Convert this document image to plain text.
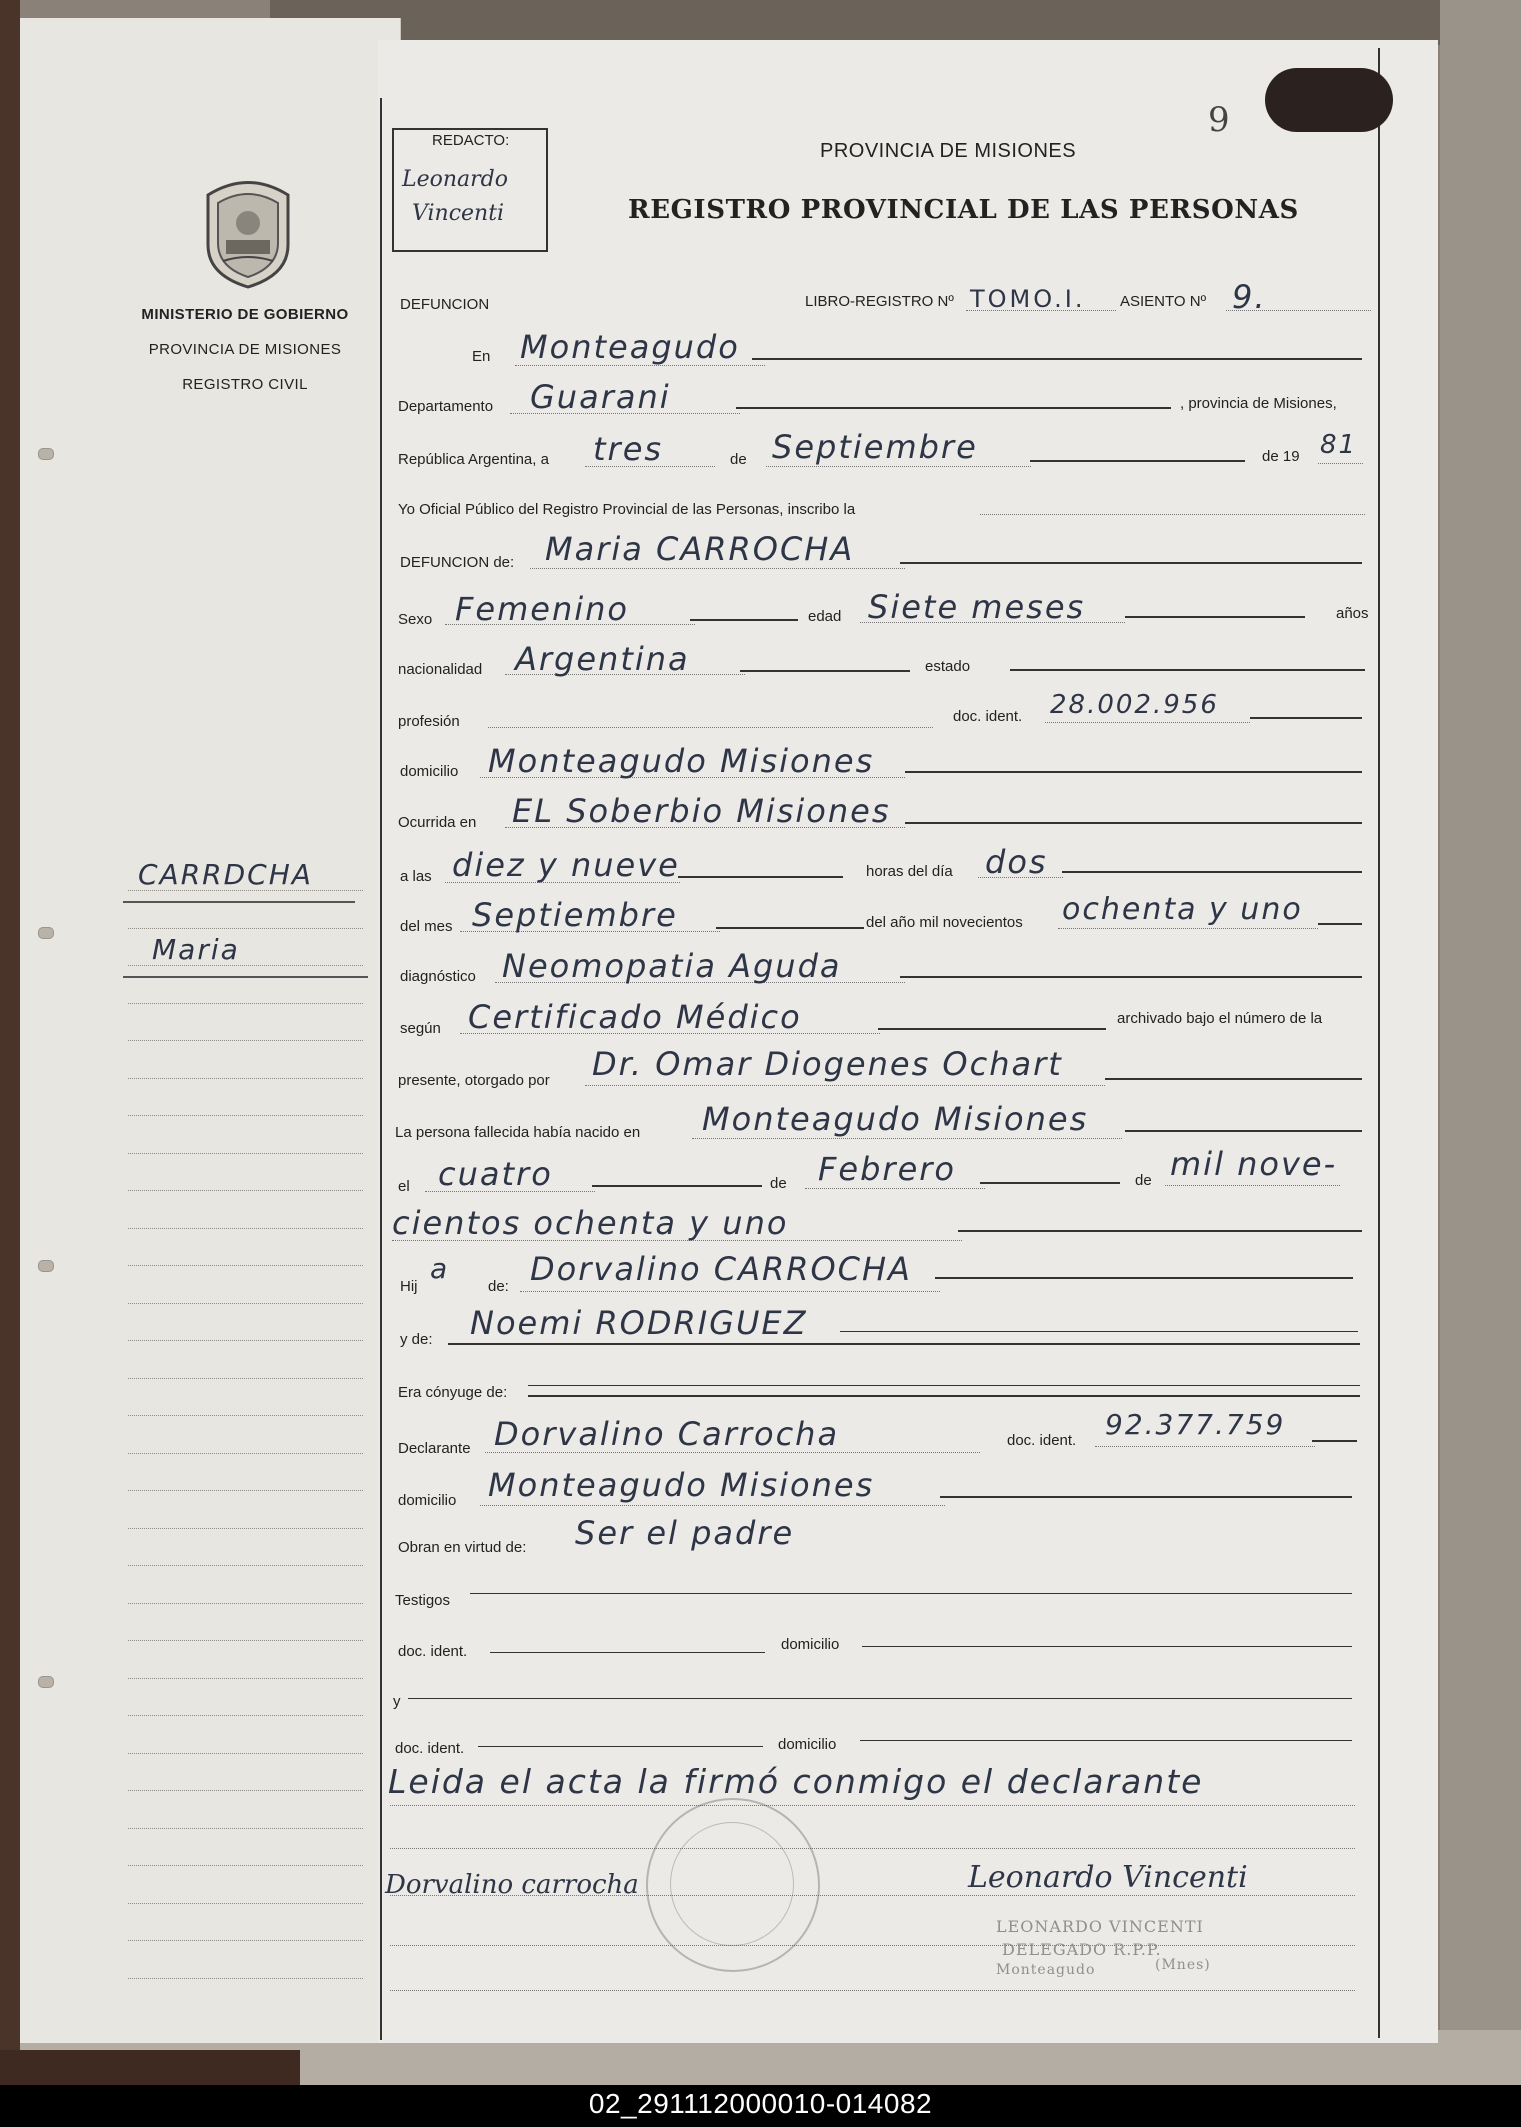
MINISTERIO DE GOBIERNO
PROVINCIA DE MISIONES
REGISTRO CIVIL
CARRDCHA
Maria
REDACTO:
Leonardo
Vincenti
9
PROVINCIA DE MISIONES
REGISTRO PROVINCIAL DE LAS PERSONAS
DEFUNCION	LIBRO-REGISTRO Nº TOMO.I. ASIENTO Nº 9.
En Monteagudo
Departamento Guarani	, provincia de Misiones,
República Argentina, a tres	de Septiembre	de 19 81
Yo Oficial Público del Registro Provincial de las Personas, inscribo la
DEFUNCION de: Maria CARROCHA
Sexo Femenino	edad Siete meses	años
nacionalidad Argentina	estado
profesión	doc. ident. 28.002.956
domicilio Monteagudo Misiones
Ocurrida en EL Soberbio Misiones
a las diez y nueve	horas del día dos
del mes Septiembre	del año mil novecientos ochenta y uno
diagnóstico Neomopatia Aguda
según Certificado Médico	archivado bajo el número de la
presente, otorgado por Dr. Omar Diogenes Ochart
La persona fallecida había nacido en Monteagudo Misiones
el cuatro	de Febrero	de mil nove-
cientos ochenta y uno
Hij
a
de: Dorvalino CARROCHA
y de: Noemi RODRIGUEZ
Era cónyuge de:
Declarante Dorvalino Carrocha	doc. ident. 92.377.759
domicilio Monteagudo Misiones
Obran en virtud de: Ser el padre
Testigos
doc. ident.	domicilio
y
doc. ident.	domicilio
Leida el acta la firmó conmigo el declarante
Dorvalino carrocha	Leonardo Vincenti
LEONARDO VINCENTI
DELEGADO R.P.P.
Monteagudo	(Mnes)
02_291112000010-014082
